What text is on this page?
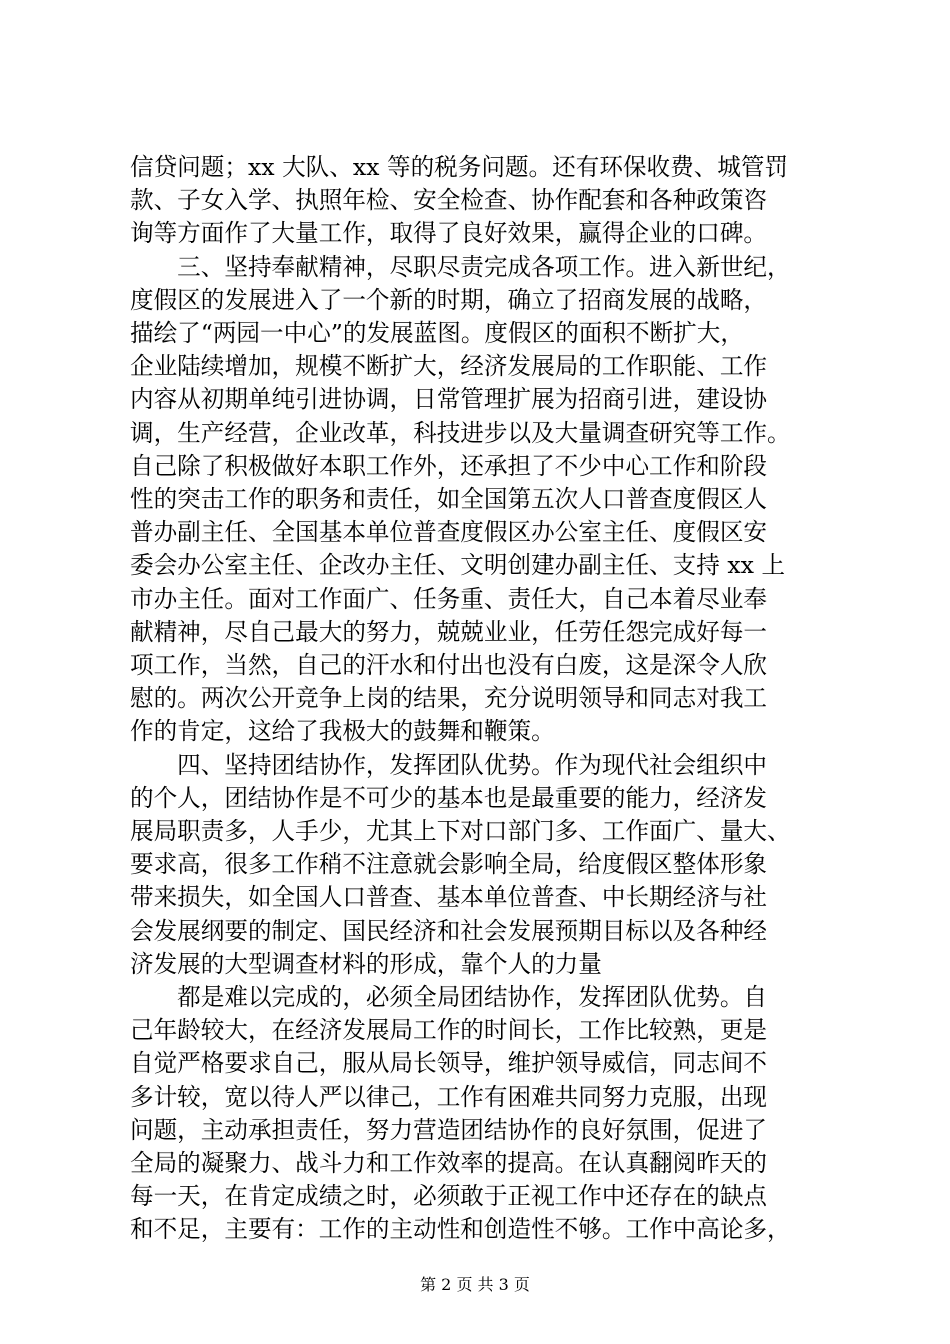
信贷问题；xx 大队、xx 等的税务问题。还有环保收费、城管罚
款、子女入学、执照年检、安全检查、协作配套和各种政策咨
询等方面作了大量工作，取得了良好效果，赢得企业的口碑。
　　三、坚持奉献精神，尽职尽责完成各项工作。进入新世纪，
度假区的发展进入了一个新的时期，确立了招商发展的战略，
描绘了“两园一中心”的发展蓝图。度假区的面积不断扩大，
企业陆续增加，规模不断扩大，经济发展局的工作职能、工作
内容从初期单纯引进协调，日常管理扩展为招商引进，建设协
调，生产经营，企业改革，科技进步以及大量调查研究等工作。
自己除了积极做好本职工作外，还承担了不少中心工作和阶段
性的突击工作的职务和责任，如全国第五次人口普查度假区人
普办副主任、全国基本单位普查度假区办公室主任、度假区安
委会办公室主任、企改办主任、文明创建办副主任、支持 xx 上
市办主任。面对工作面广、任务重、责任大，自己本着尽业奉
献精神，尽自己最大的努力，兢兢业业，任劳任怨完成好每一
项工作，当然，自己的汗水和付出也没有白废，这是深令人欣
慰的。两次公开竞争上岗的结果，充分说明领导和同志对我工
作的肯定，这给了我极大的鼓舞和鞭策。
　　四、坚持团结协作，发挥团队优势。作为现代社会组织中
的个人，团结协作是不可少的基本也是最重要的能力，经济发
展局职责多，人手少，尤其上下对口部门多、工作面广、量大、
要求高，很多工作稍不注意就会影响全局，给度假区整体形象
带来损失，如全国人口普查、基本单位普查、中长期经济与社
会发展纲要的制定、国民经济和社会发展预期目标以及各种经
济发展的大型调查材料的形成，靠个人的力量
　　都是难以完成的，必须全局团结协作，发挥团队优势。自
己年龄较大，在经济发展局工作的时间长，工作比较熟，更是
自觉严格要求自己，服从局长领导，维护领导威信，同志间不
多计较，宽以待人严以律己，工作有困难共同努力克服，出现
问题，主动承担责任，努力营造团结协作的良好氛围，促进了
全局的凝聚力、战斗力和工作效率的提高。在认真翻阅昨天的
每一天，在肯定成绩之时，必须敢于正视工作中还存在的缺点
第 2 页 共 3 页
和不足，主要有：工作的主动性和创造性不够。工作中高论多，
